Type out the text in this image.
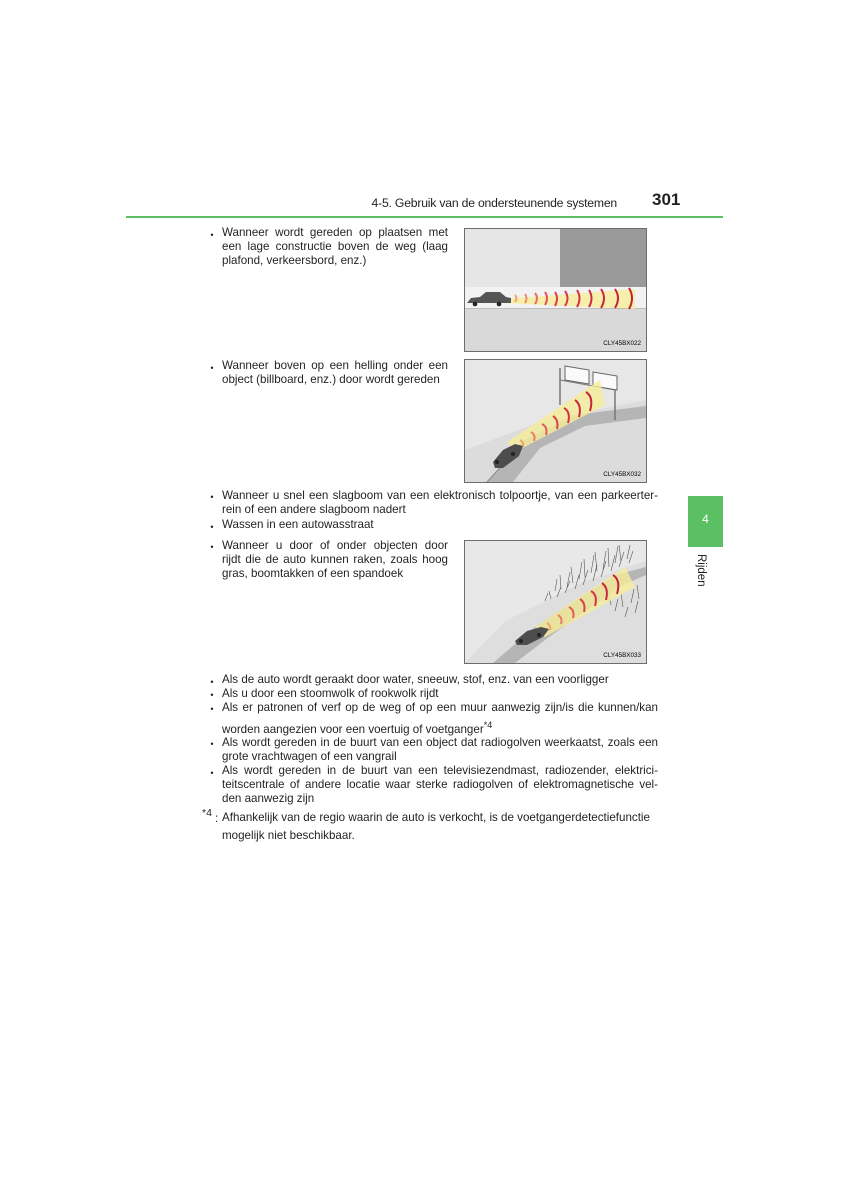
4-5. Gebruik van de ondersteunende systemen 301
4
Rijden
• Wanneer wordt gereden op plaatsen met
een lage constructie boven de weg (laag
plafond, verkeersbord, enz.)
CLY45BX022
• Wanneer boven op een helling onder een
object (billboard, enz.) door wordt gereden
CLY45BX032
• Wanneer u snel een slagboom van een elektronisch tolpoortje, van een parkeerter-
rein of een andere slagboom nadert
• Wassen in een autowasstraat
• Wanneer u door of onder objecten door
rijdt die de auto kunnen raken, zoals hoog
gras, boomtakken of een spandoek
CLY45BX033
• Als de auto wordt geraakt door water, sneeuw, stof, enz. van een voorligger
• Als u door een stoomwolk of rookwolk rijdt
• Als er patronen of verf op de weg of op een muur aanwezig zijn/is die kunnen/kan
worden aangezien voor een voertuig of voetganger$^{*4}$
• Als wordt gereden in de buurt van een object dat radiogolven weerkaatst, zoals een
grote vrachtwagen of een vangrail
• Als wordt gereden in de buurt van een televisiezendmast, radiozender, elektrici-
teitscentrale of andere locatie waar sterke radiogolven of elektromagnetische vel-
den aanwezig zijn
*4 : Afhankelijk van de regio waarin de auto is verkocht, is de voetgangerdetectiefunctie
mogelijk niet beschikbaar.
